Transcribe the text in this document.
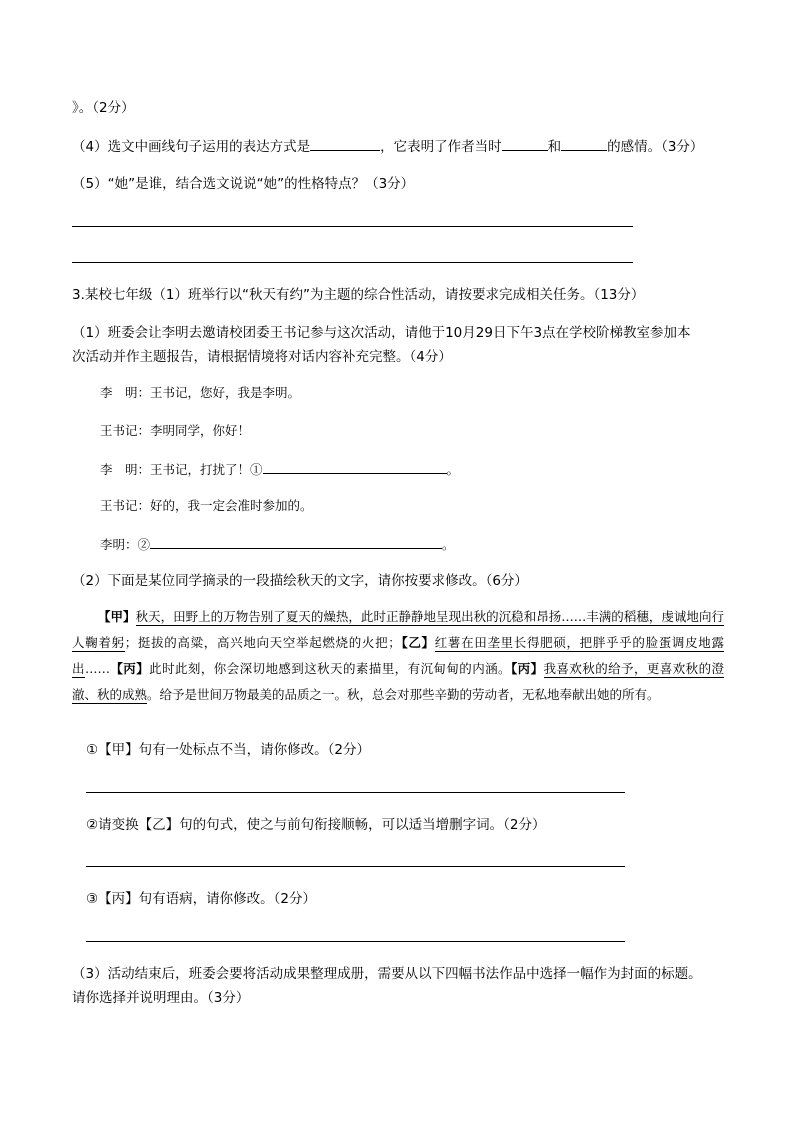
》。（2分）
（4）选文中画线句子运用的表达方式是	，它表明了作者当时	和	的感情。（3分）
（5）“她”是谁，结合选文说说“她”的性格特点？（3分）
3.某校七年级（1）班举行以“秋天有约”为主题的综合性活动，请按要求完成相关任务。（13分）
（1）班委会让李明去邀请校团委王书记参与这次活动，请他于10月29日下午3点在学校阶梯教室参加本
次活动并作主题报告，请根据情境将对话内容补充完整。（4分）
李　明：王书记，您好，我是李明。
王书记：李明同学，你好！
李　明：王书记，打扰了！①	。
王书记：好的，我一定会准时参加的。
李明：②	。
（2）下面是某位同学摘录的一段描绘秋天的文字，请你按要求修改。（6分）
【甲】秋天，田野上的万物告别了夏天的燥热，此时正静静地呈现出秋的沉稳和昂扬……丰满的稻穗，虔诚地向行人鞠着躬；挺拔的高粱，高兴地向天空举起燃烧的火把；【乙】红薯在田垄里长得肥硕，把胖乎乎的脸蛋调皮地露出……【丙】此时此刻，你会深切地感到这秋天的素描里，有沉甸甸的内涵。【丙】我喜欢秋的给予，更喜欢秋的澄澈、秋的成熟。给予是世间万物最美的品质之一。秋，总会对那些辛勤的劳动者，无私地奉献出她的所有。
①【甲】句有一处标点不当，请你修改。（2分）
②请变换【乙】句的句式，使之与前句衔接顺畅，可以适当增删字词。（2分）
③【丙】句有语病，请你修改。（2分）
（3）活动结束后，班委会要将活动成果整理成册，需要从以下四幅书法作品中选择一幅作为封面的标题。
请你选择并说明理由。（3分）
